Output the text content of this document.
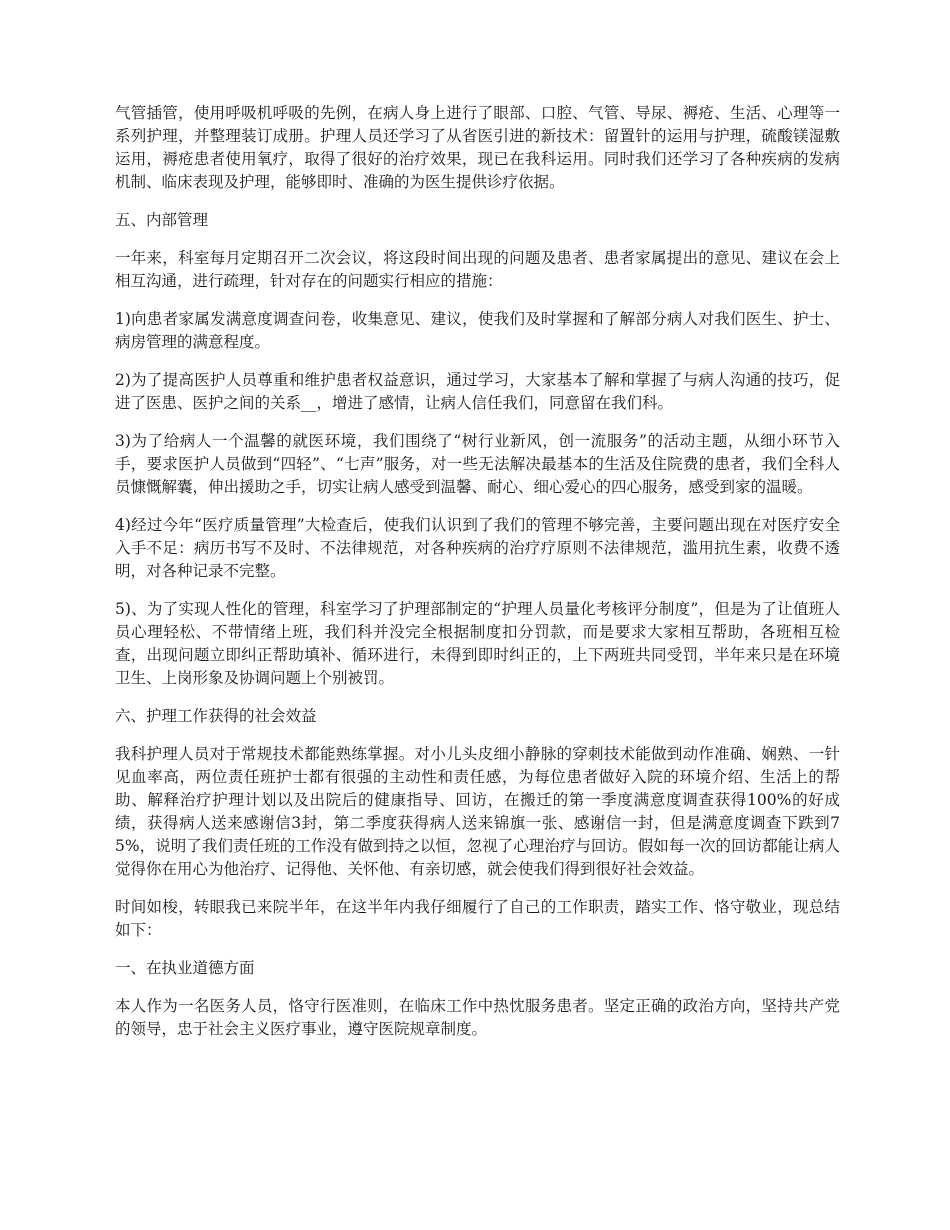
气管插管，使用呼吸机呼吸的先例，在病人身上进行了眼部、口腔、气管、导尿、褥疮、生活、心理等一系列护理，并整理装订成册。护理人员还学习了从省医引进的新技术：留置针的运用与护理，硫酸镁湿敷运用，褥疮患者使用氧疗，取得了很好的治疗效果，现已在我科运用。同时我们还学习了各种疾病的发病机制、临床表现及护理，能够即时、准确的为医生提供诊疗依据。

五、内部管理

一年来，科室每月定期召开二次会议，将这段时间出现的问题及患者、患者家属提出的意见、建议在会上相互沟通，进行疏理，针对存在的问题实行相应的措施：

1)向患者家属发满意度调查问卷，收集意见、建议，使我们及时掌握和了解部分病人对我们医生、护士、病房管理的满意程度。

2)为了提高医护人员尊重和维护患者权益意识，通过学习，大家基本了解和掌握了与病人沟通的技巧，促进了医患、医护之间的关系__，增进了感情，让病人信任我们，同意留在我们科。

3)为了给病人一个温馨的就医环境，我们围绕了“树行业新风，创一流服务”的活动主题，从细小环节入手，要求医护人员做到“四轻”、“七声”服务，对一些无法解决最基本的生活及住院费的患者，我们全科人员慷慨解囊，伸出援助之手，切实让病人感受到温馨、耐心、细心爱心的四心服务，感受到家的温暖。

4)经过今年“医疗质量管理”大检查后，使我们认识到了我们的管理不够完善，主要问题出现在对医疗安全入手不足：病历书写不及时、不法律规范，对各种疾病的治疗疗原则不法律规范，滥用抗生素，收费不透明，对各种记录不完整。

5)、为了实现人性化的管理，科室学习了护理部制定的“护理人员量化考核评分制度”，但是为了让值班人员心理轻松、不带情绪上班，我们科并没完全根据制度扣分罚款，而是要求大家相互帮助，各班相互检查，出现问题立即纠正帮助填补、循环进行，未得到即时纠正的，上下两班共同受罚，半年来只是在环境卫生、上岗形象及协调问题上个别被罚。

六、护理工作获得的社会效益

我科护理人员对于常规技术都能熟练掌握。对小儿头皮细小静脉的穿刺技术能做到动作准确、娴熟、一针见血率高，两位责任班护士都有很强的主动性和责任感，为每位患者做好入院的环境介绍、生活上的帮助、解释治疗护理计划以及出院后的健康指导、回访，在搬迁的第一季度满意度调查获得100%的好成绩，获得病人送来感谢信3封，第二季度获得病人送来锦旗一张、感谢信一封，但是满意度调查下跌到75%，说明了我们责任班的工作没有做到持之以恒，忽视了心理治疗与回访。假如每一次的回访都能让病人觉得你在用心为他治疗、记得他、关怀他、有亲切感，就会使我们得到很好社会效益。

时间如梭，转眼我已来院半年，在这半年内我仔细履行了自己的工作职责，踏实工作、恪守敬业，现总结如下：

一、在执业道德方面

本人作为一名医务人员，恪守行医准则，在临床工作中热忱服务患者。坚定正确的政治方向，坚持共产党的领导，忠于社会主义医疗事业，遵守医院规章制度。
